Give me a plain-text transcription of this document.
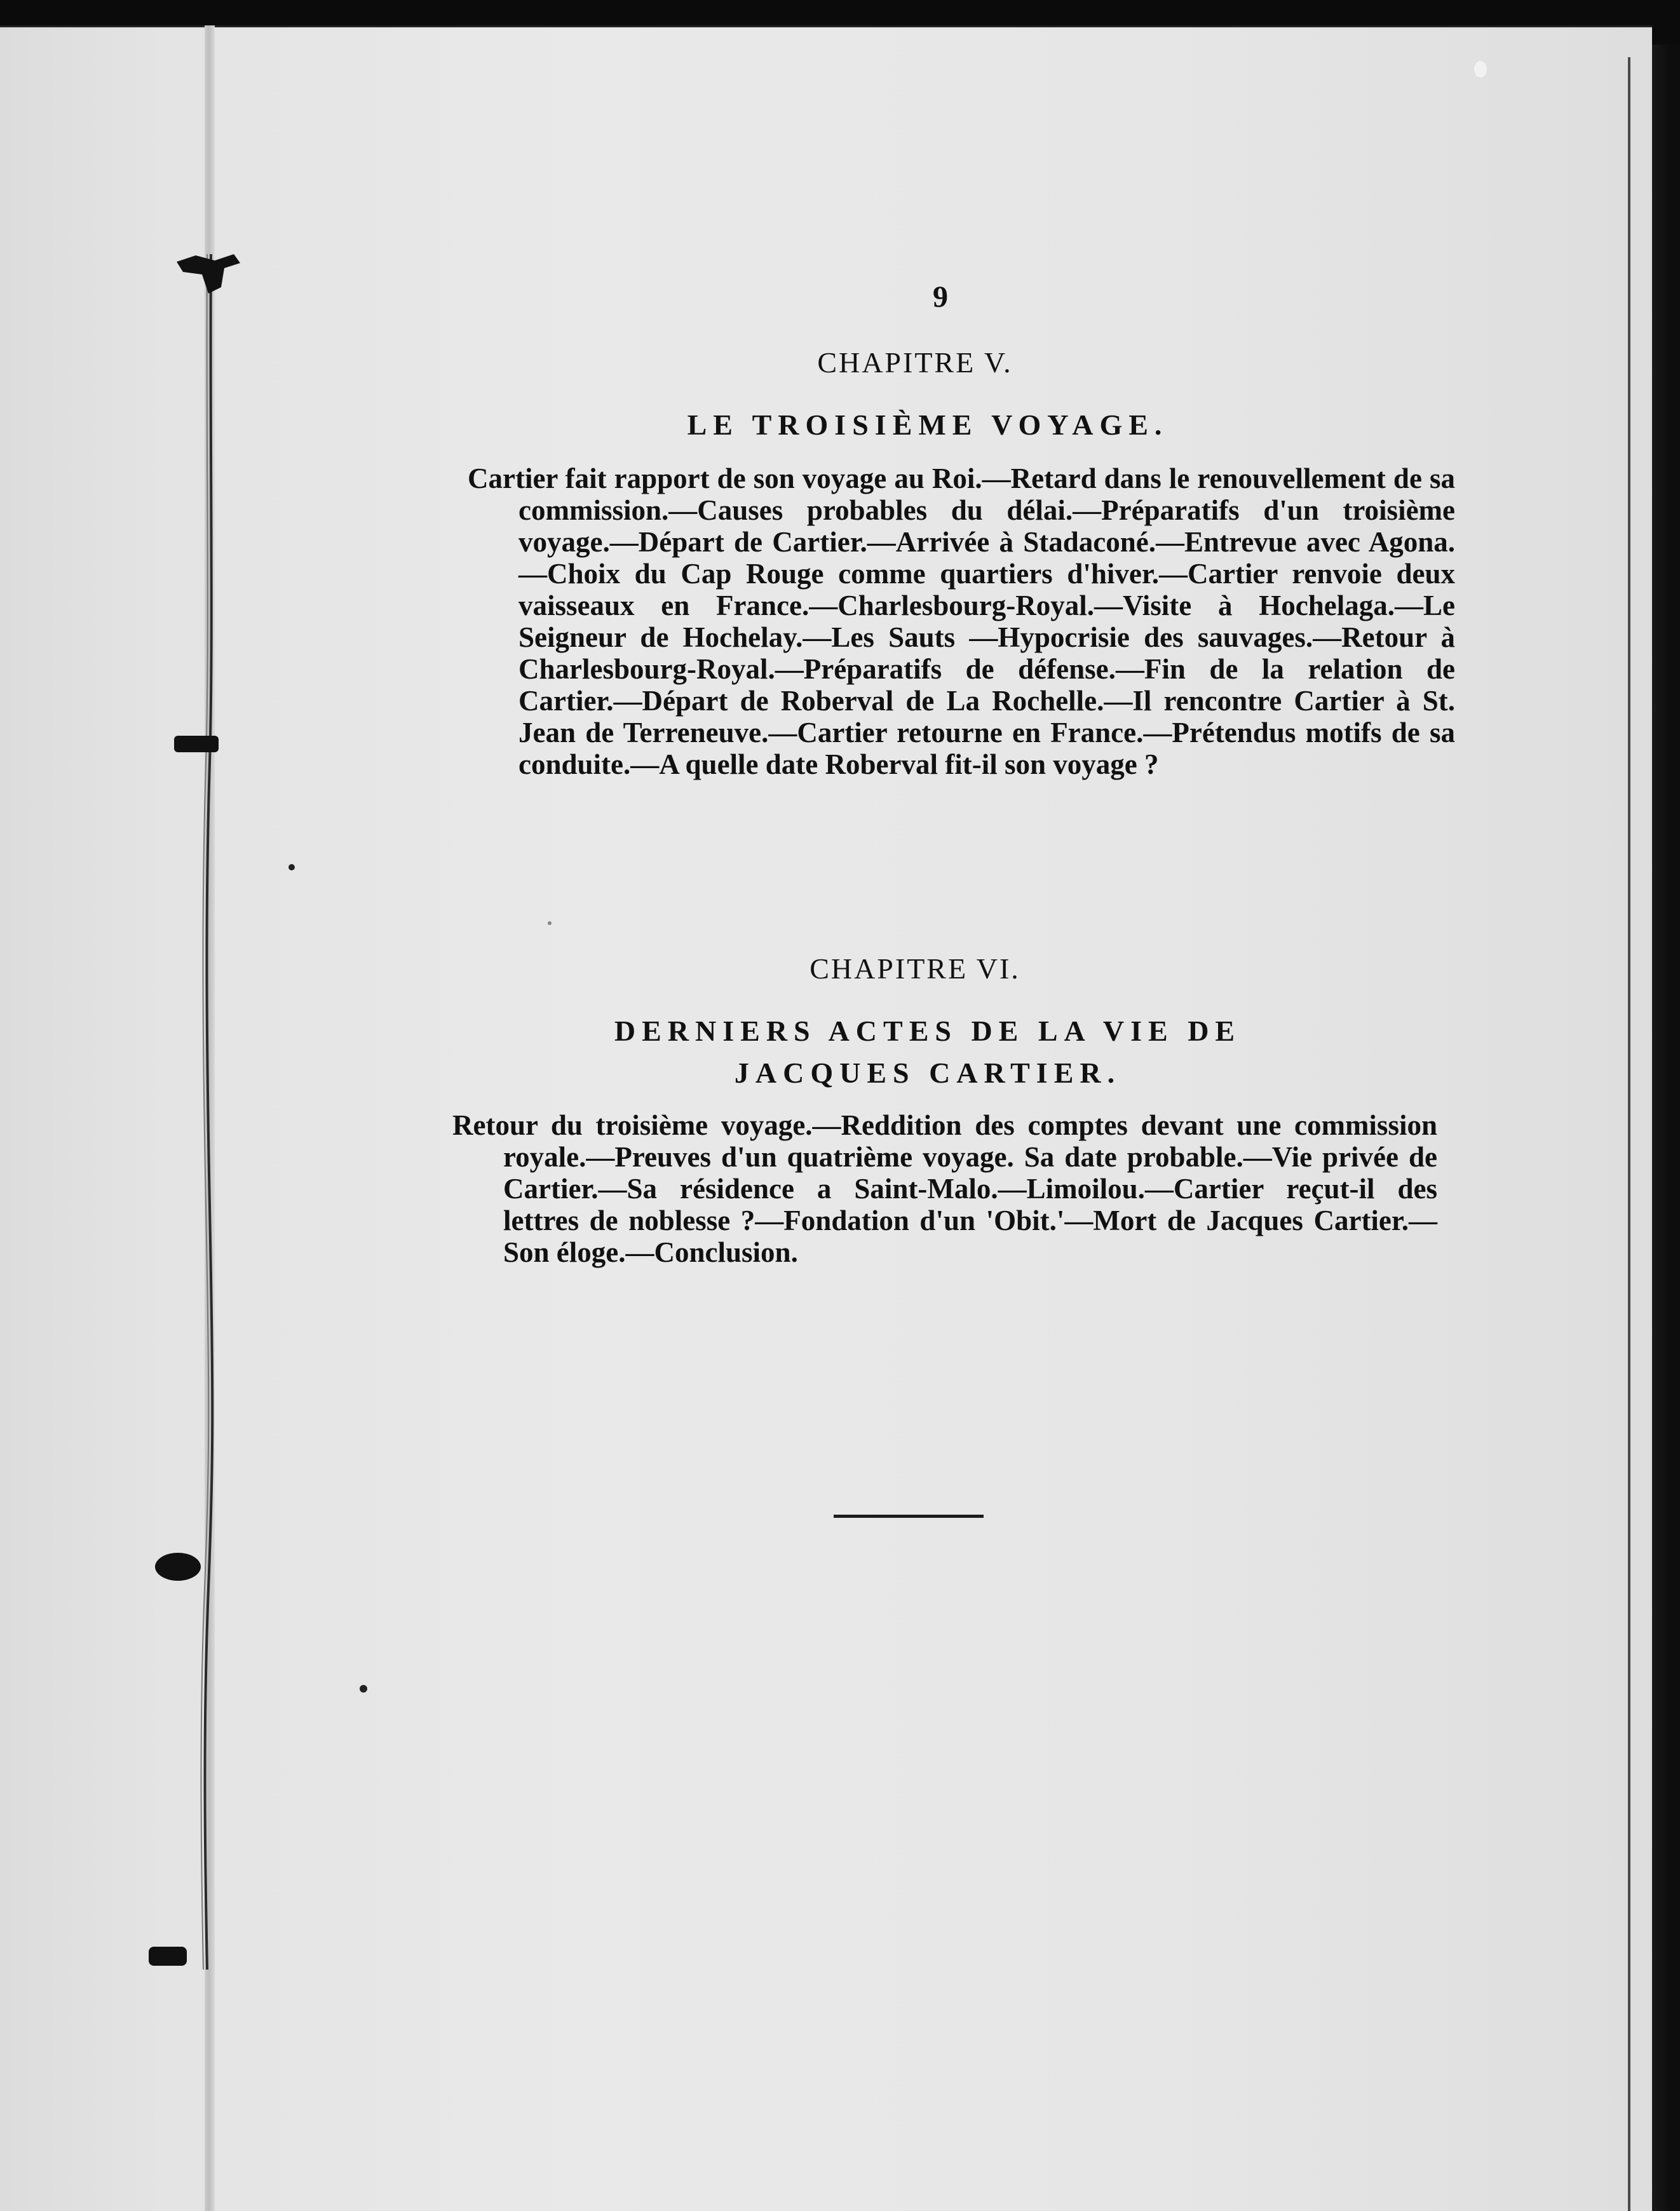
9
CHAPITRE V.
LE TROISIÈME VOYAGE.

Cartier fait rapport de son voyage au Roi.—Retard dans le renouvellement de sa commission.—Causes probables du délai.—Préparatifs d'un troisième voyage.—Départ de Cartier.—Arrivée à Stadaconé.—Entrevue avec Agona.—Choix du Cap Rouge comme quartiers d'hiver.—Cartier renvoie deux vaisseaux en France.—Charlesbourg-Royal.—Visite à Hochelaga.—Le Seigneur de Hochelay.—Les Sauts —Hypocrisie des sauvages.—Retour à Charlesbourg-Royal.—Préparatifs de défense.—Fin de la relation de Cartier.—Départ de Roberval de La Rochelle.—Il rencontre Cartier à St. Jean de Terreneuve.—Cartier retourne en France.—Prétendus motifs de sa conduite.—A quelle date Roberval fit-il son voyage ?

CHAPITRE VI.
DERNIERS ACTES DE LA VIE DE
JACQUES CARTIER.

Retour du troisième voyage.—Reddition des comptes devant une commission royale.—Preuves d'un quatrième voyage. Sa date probable.—Vie privée de Cartier.—Sa résidence a Saint-Malo.—Limoilou.—Cartier reçut-il des lettres de noblesse ?—Fondation d'un 'Obit.'—Mort de Jacques Cartier.—Son éloge.—Conclusion.
